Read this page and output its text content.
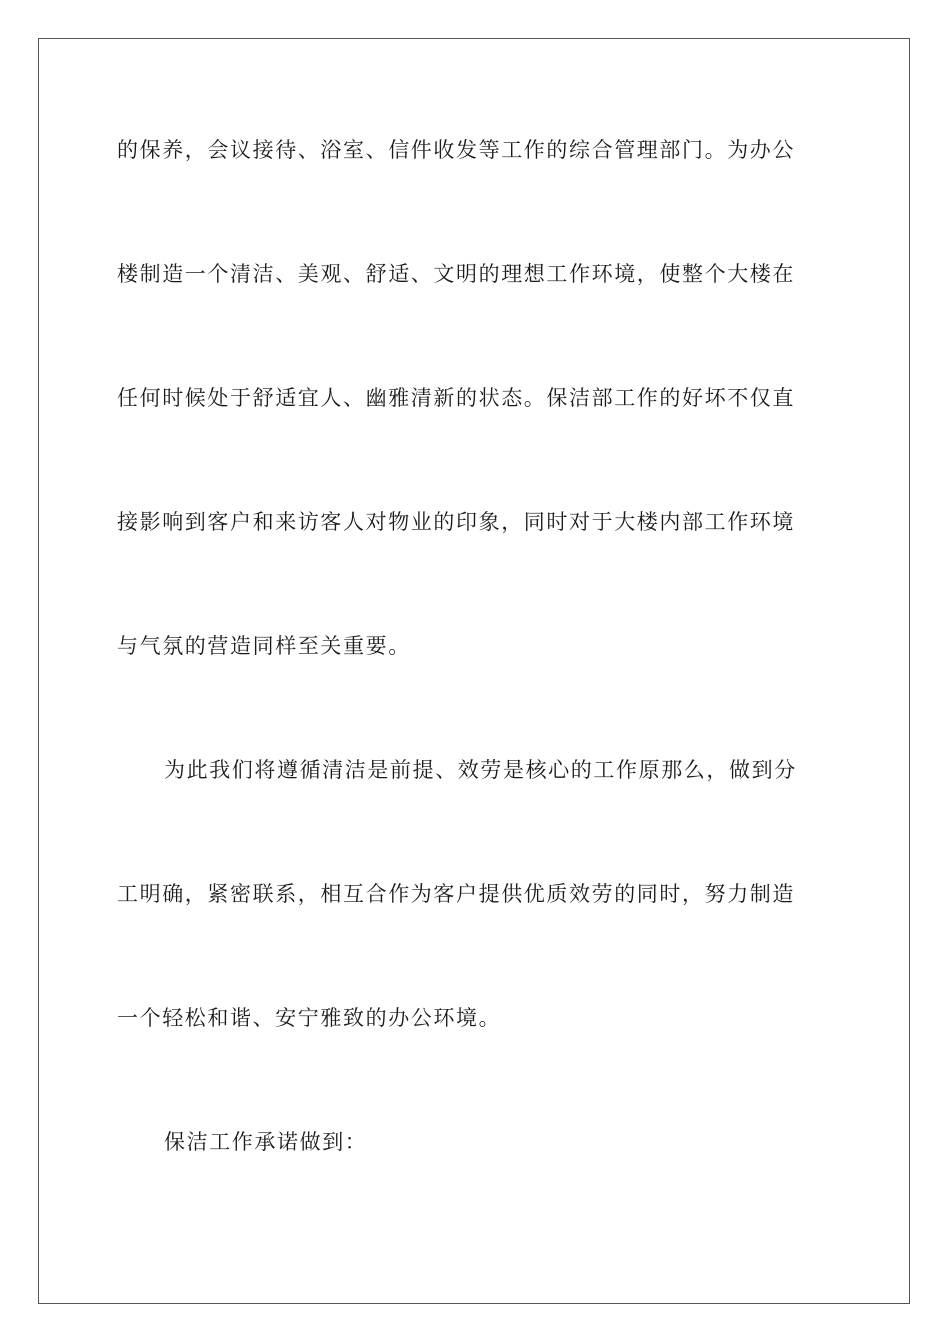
的保养，会议接待、浴室、信件收发等工作的综合管理部门。为办公
楼制造一个清洁、美观、舒适、文明的理想工作环境，使整个大楼在
任何时候处于舒适宜人、幽雅清新的状态。保洁部工作的好坏不仅直
接影响到客户和来访客人对物业的印象，同时对于大楼内部工作环境
与气氛的营造同样至关重要。
为此我们将遵循清洁是前提、效劳是核心的工作原那么，做到分
工明确，紧密联系，相互合作为客户提供优质效劳的同时，努力制造
一个轻松和谐、安宁雅致的办公环境。
保洁工作承诺做到：
